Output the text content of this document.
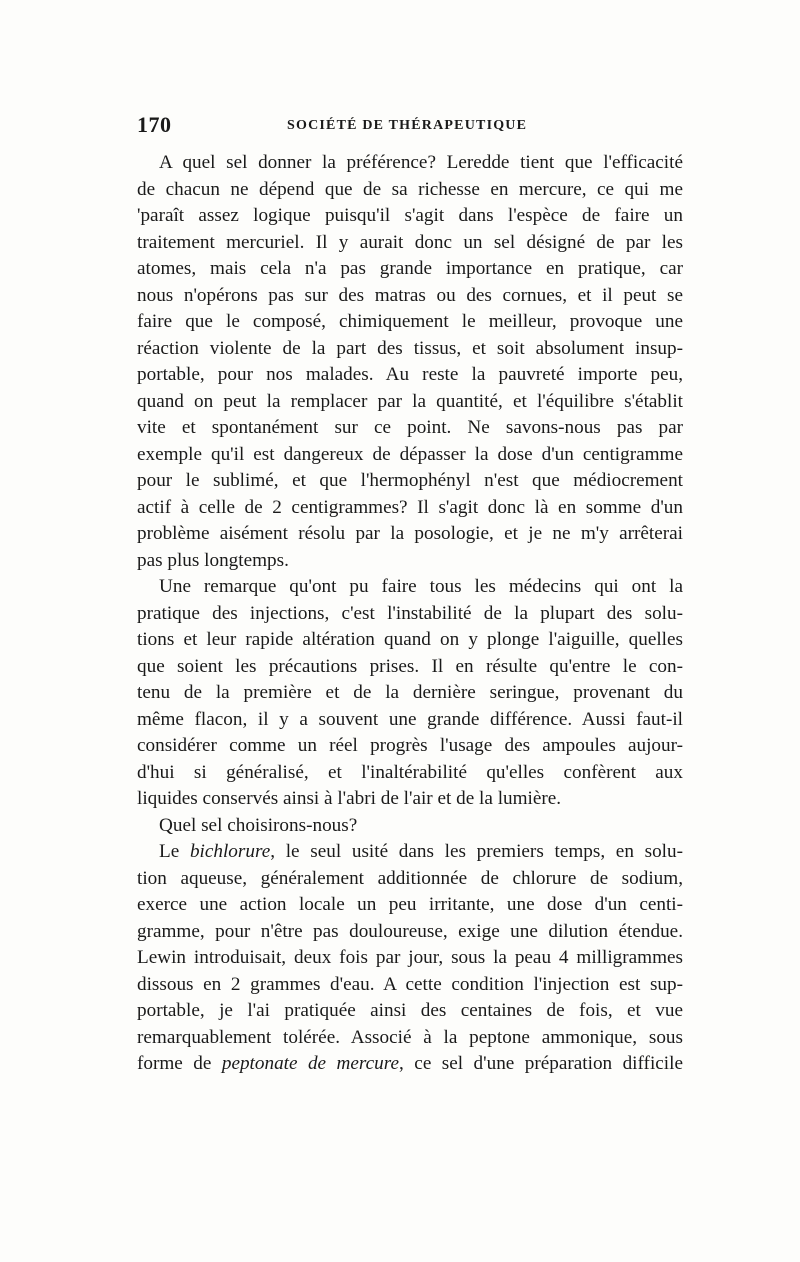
170	SOCIÉTÉ DE THÉRAPEUTIQUE
A quel sel donner la préférence? Leredde tient que l'efficacité
de chacun ne dépend que de sa richesse en mercure, ce qui me
'paraît assez logique puisqu'il s'agit dans l'espèce de faire un
traitement mercuriel. Il y aurait donc un sel désigné de par les
atomes, mais cela n'a pas grande importance en pratique, car
nous n'opérons pas sur des matras ou des cornues, et il peut se
faire que le composé, chimiquement le meilleur, provoque une
réaction violente de la part des tissus, et soit absolument insup-
portable, pour nos malades. Au reste la pauvreté importe peu,
quand on peut la remplacer par la quantité, et l'équilibre s'établit
vite et spontanément sur ce point. Ne savons-nous pas par
exemple qu'il est dangereux de dépasser la dose d'un centigramme
pour le sublimé, et que l'hermophényl n'est que médiocrement
actif à celle de 2 centigrammes? Il s'agit donc là en somme d'un
problème aisément résolu par la posologie, et je ne m'y arrêterai
pas plus longtemps.
Une remarque qu'ont pu faire tous les médecins qui ont la
pratique des injections, c'est l'instabilité de la plupart des solu-
tions et leur rapide altération quand on y plonge l'aiguille, quelles
que soient les précautions prises. Il en résulte qu'entre le con-
tenu de la première et de la dernière seringue, provenant du
même flacon, il y a souvent une grande différence. Aussi faut-il
considérer comme un réel progrès l'usage des ampoules aujour-
d'hui si généralisé, et l'inaltérabilité qu'elles confèrent aux
liquides conservés ainsi à l'abri de l'air et de la lumière.
Quel sel choisirons-nous?
Le bichlorure, le seul usité dans les premiers temps, en solu-
tion aqueuse, généralement additionnée de chlorure de sodium,
exerce une action locale un peu irritante, une dose d'un centi-
gramme, pour n'être pas douloureuse, exige une dilution étendue.
Lewin introduisait, deux fois par jour, sous la peau 4 milligrammes
dissous en 2 grammes d'eau. A cette condition l'injection est sup-
portable, je l'ai pratiquée ainsi des centaines de fois, et vue
remarquablement tolérée. Associé à la peptone ammonique, sous
forme de peptonate de mercure, ce sel d'une préparation difficile
